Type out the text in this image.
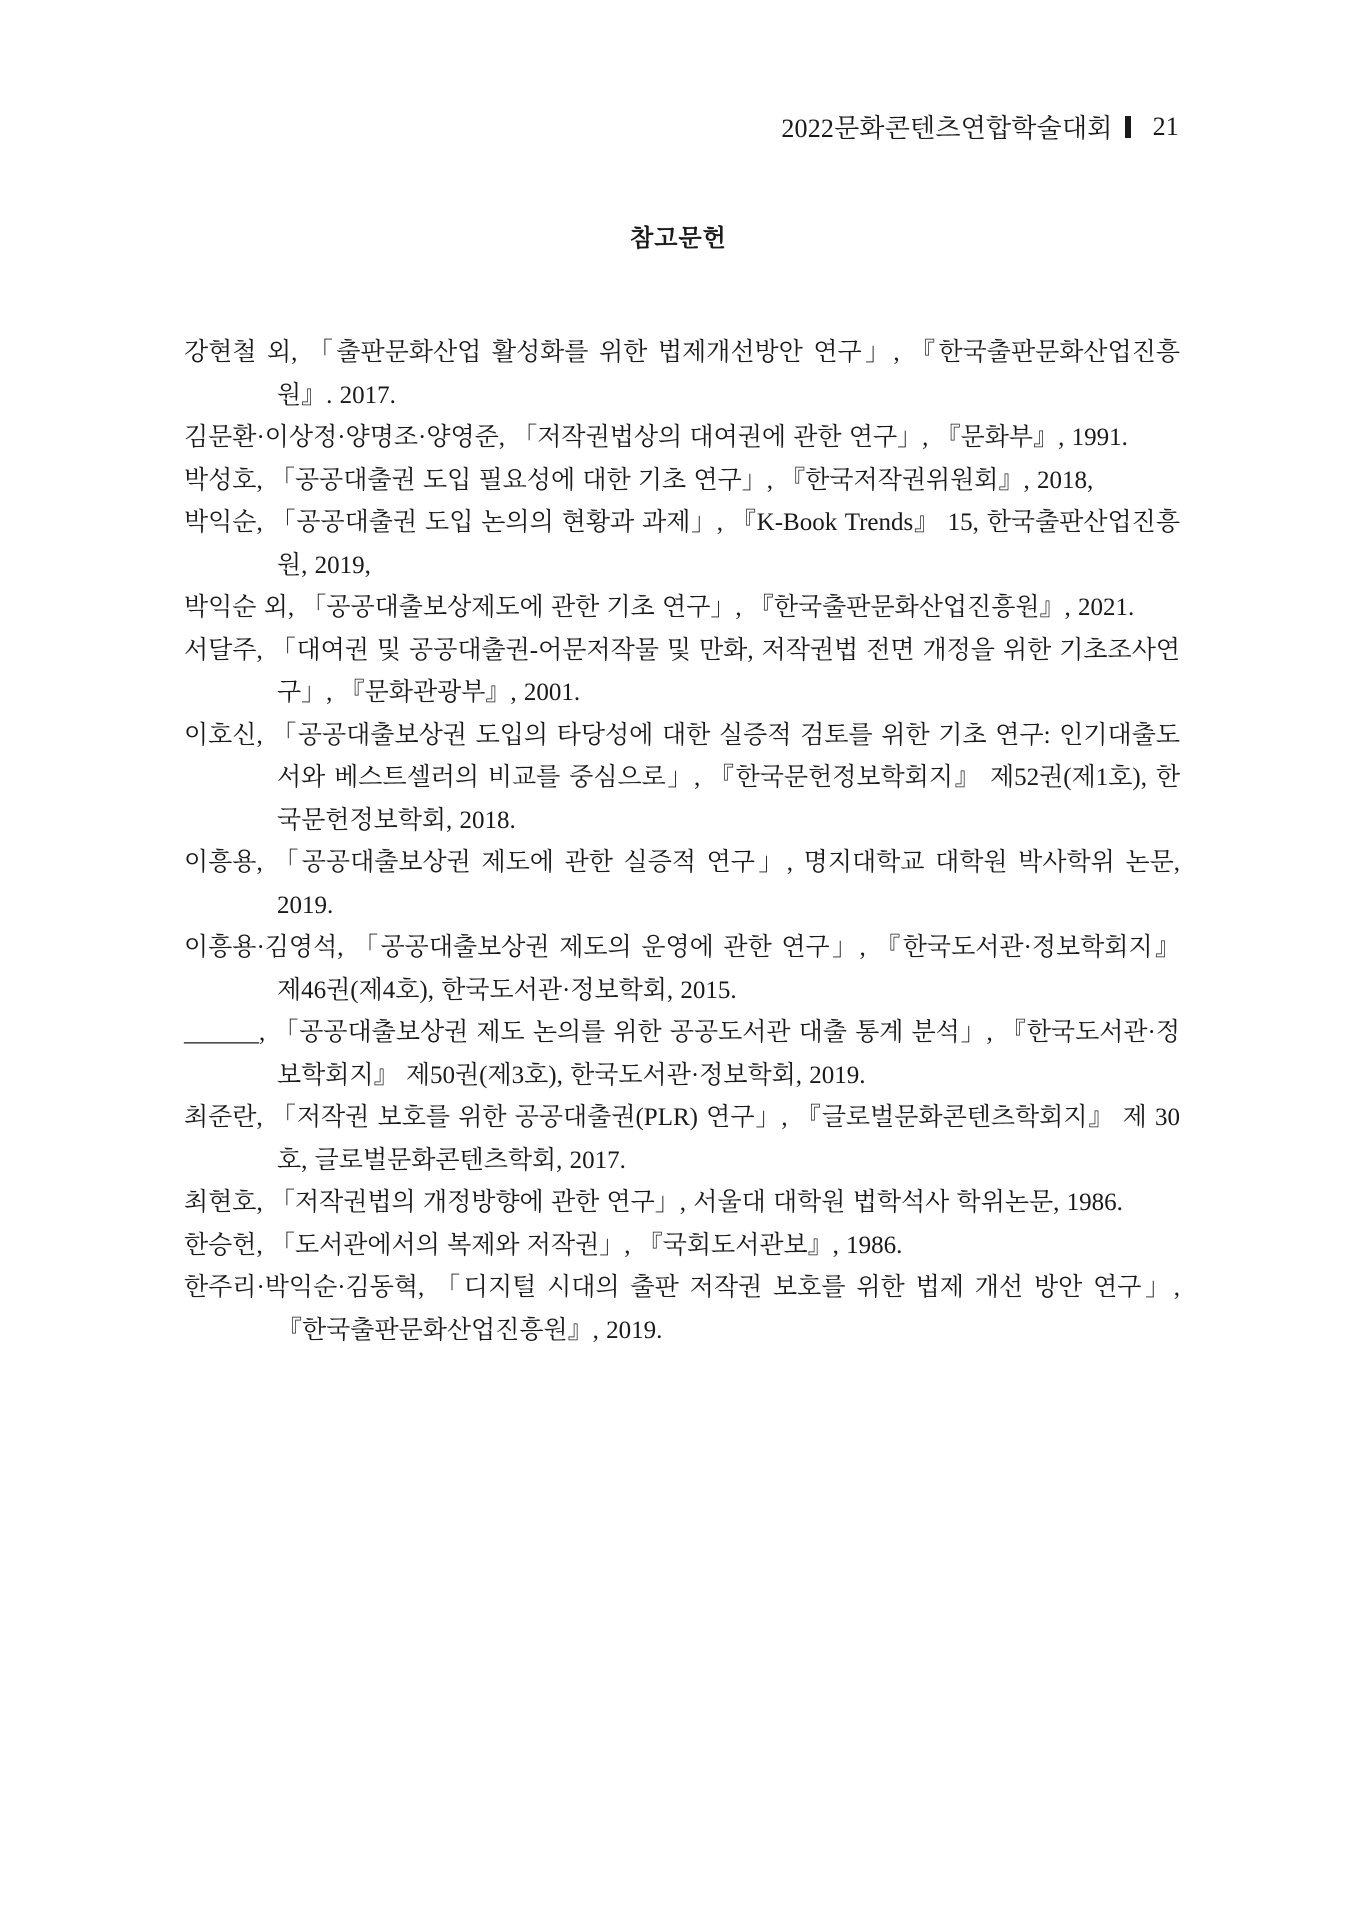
2022문화콘텐츠연합학술대회 21
참고문헌
강현철 외, 「출판문화산업 활성화를 위한 법제개선방안 연구」, 『한국출판문화산업진흥원』. 2017.
김문환·이상정·양명조·양영준, 「저작권법상의 대여권에 관한 연구」, 『문화부』, 1991.
박성호, 「공공대출권 도입 필요성에 대한 기초 연구」, 『한국저작권위원회』, 2018,
박익순, 「공공대출권 도입 논의의 현황과 과제」, 『K-Book Trends』 15, 한국출판산업진흥원, 2019,
박익순 외, 「공공대출보상제도에 관한 기초 연구」, 『한국출판문화산업진흥원』, 2021.
서달주, 「대여권 및 공공대출권-어문저작물 및 만화, 저작권법 전면 개정을 위한 기초조사연구」, 『문화관광부』, 2001.
이호신, 「공공대출보상권 도입의 타당성에 대한 실증적 검토를 위한 기초 연구: 인기대출도서와 베스트셀러의 비교를 중심으로」, 『한국문헌정보학회지』 제52권(제1호), 한국문헌정보학회, 2018.
이흥용, 「공공대출보상권 제도에 관한 실증적 연구」, 명지대학교 대학원 박사학위 논문, 2019.
이흥용·김영석, 「공공대출보상권 제도의 운영에 관한 연구」, 『한국도서관·정보학회지』 제46권(제4호), 한국도서관·정보학회, 2015.
______, 「공공대출보상권 제도 논의를 위한 공공도서관 대출 통계 분석」, 『한국도서관·정보학회지』 제50권(제3호), 한국도서관·정보학회, 2019.
최준란, 「저작권 보호를 위한 공공대출권(PLR) 연구」, 『글로벌문화콘텐츠학회지』 제 30호, 글로벌문화콘텐츠학회, 2017.
최현호, 「저작권법의 개정방향에 관한 연구」, 서울대 대학원 법학석사 학위논문, 1986.
한승헌, 「도서관에서의 복제와 저작권」, 『국회도서관보』, 1986.
한주리·박익순·김동혁, 「디지털 시대의 출판 저작권 보호를 위한 법제 개선 방안 연구」, 『한국출판문화산업진흥원』, 2019.
